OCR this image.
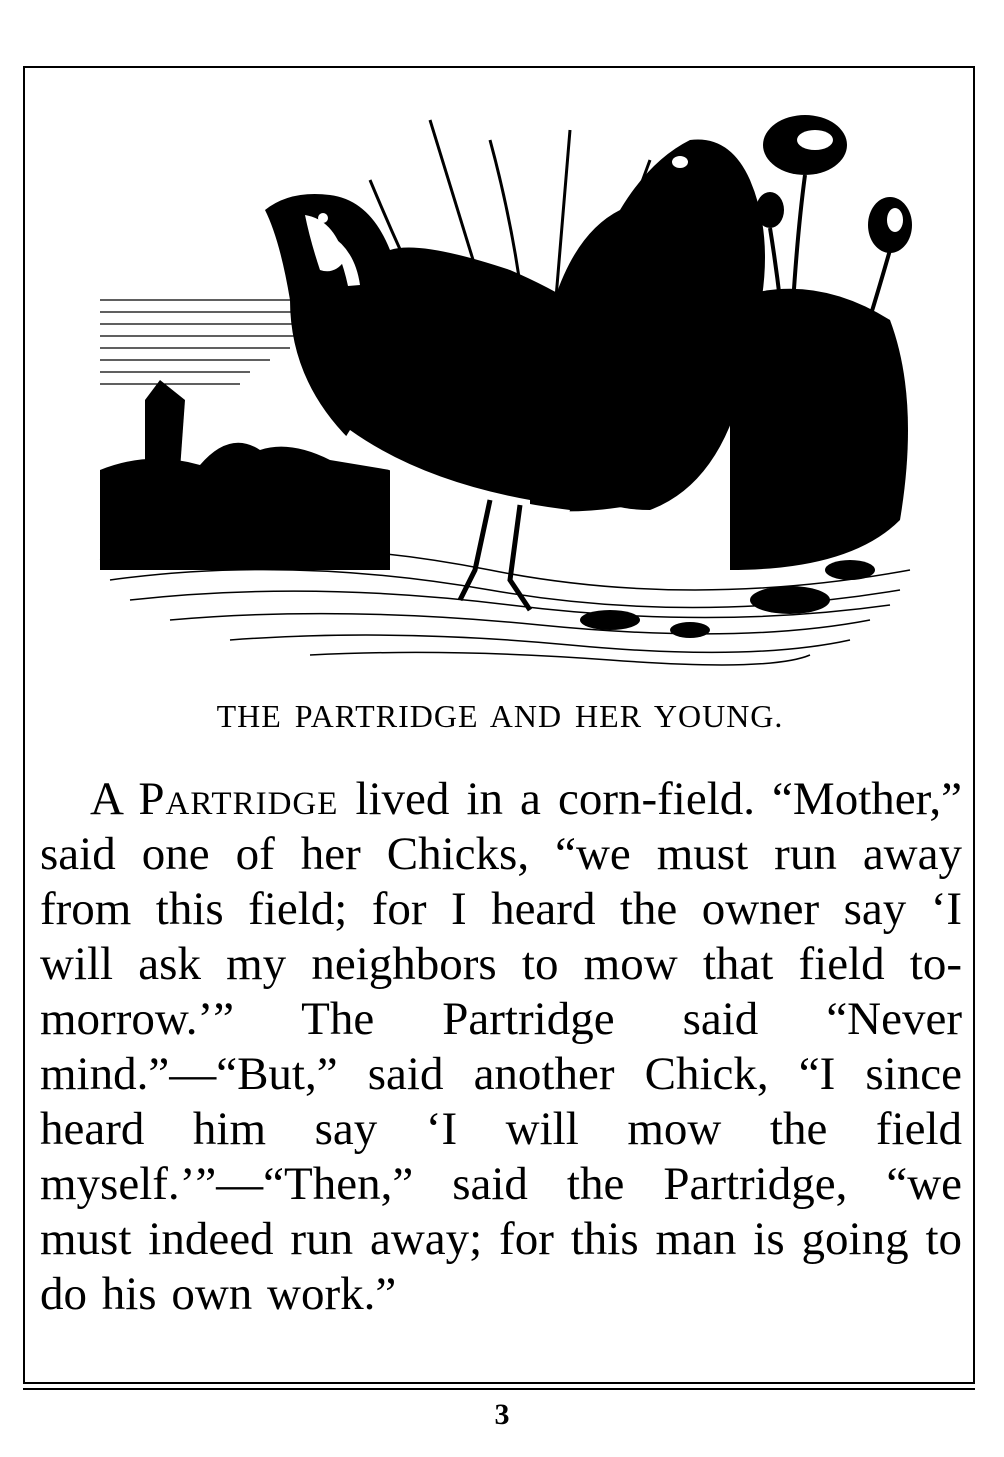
THE PARTRIDGE AND HER YOUNG.
A Partridge lived in a corn-field. “Mother,” said one of her Chicks, “we must run away from this field; for I heard the owner say ‘I will ask my neighbors to mow that field to-morrow.’” The Partridge said “Never mind.”—“But,” said another Chick, “I since heard him say ‘I will mow the field myself.’”—“Then,” said the Partridge, “we must indeed run away; for this man is going to do his own work.”
3
